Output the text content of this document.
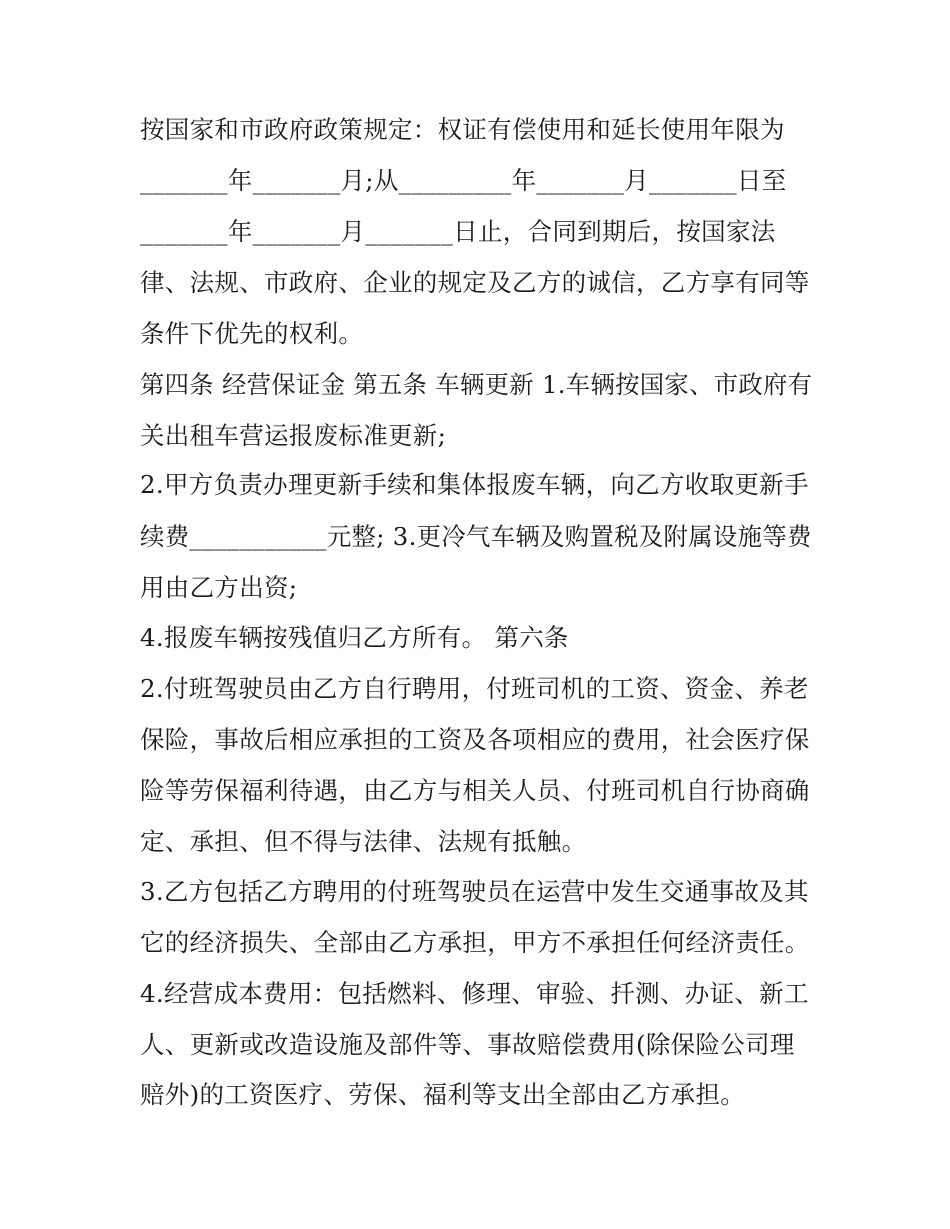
按国家和市政府政策规定：权证有偿使用和延长使用年限为
_______年_______月;从_________年_______月_______日至
_______年_______月_______日止，合同到期后，按国家法
律、法规、市政府、企业的规定及乙方的诚信，乙方享有同等
条件下优先的权利。
第四条 经营保证金 第五条 车辆更新 1.车辆按国家、市政府有
关出租车营运报废标准更新;
2.甲方负责办理更新手续和集体报废车辆，向乙方收取更新手
续费___________元整; 3.更冷气车辆及购置税及附属设施等费
用由乙方出资;
4.报废车辆按残值归乙方所有。 第六条
2.付班驾驶员由乙方自行聘用，付班司机的工资、资金、养老
保险，事故后相应承担的工资及各项相应的费用，社会医疗保
险等劳保福利待遇，由乙方与相关人员、付班司机自行协商确
定、承担、但不得与法律、法规有抵触。
3.乙方包括乙方聘用的付班驾驶员在运营中发生交通事故及其
它的经济损失、全部由乙方承担，甲方不承担任何经济责任。
4.经营成本费用：包括燃料、修理、审验、扦测、办证、新工
人、更新或改造设施及部件等、事故赔偿费用(除保险公司理
赔外)的工资医疗、劳保、福利等支出全部由乙方承担。
